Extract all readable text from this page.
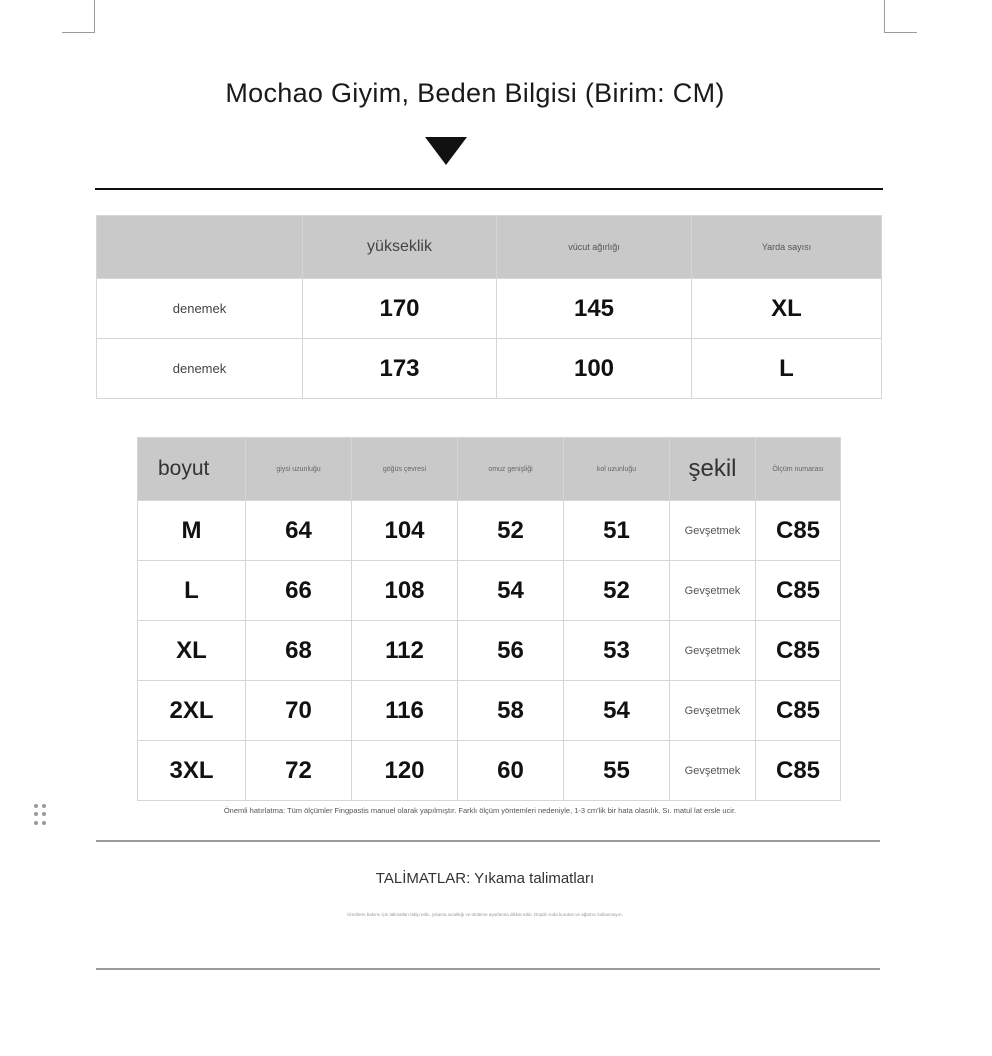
Mochao Giyim, Beden Bilgisi (Birim: CM)
	yükseklik	vücut ağırlığı	Yarda sayısı
denemek	170	145	XL
denemek	173	100	L
boyut	giysi uzunluğu	göğüs çevresi	omuz genişliği	kol uzunluğu	şekil	Ölçüm numarası
M	64	104	52	51	Gevşetmek	C85
L	66	108	54	52	Gevşetmek	C85
XL	68	112	56	53	Gevşetmek	C85
2XL	70	116	58	54	Gevşetmek	C85
3XL	72	120	60	55	Gevşetmek	C85
Önemli hatırlatma: Tüm ölçümler Fingpastis manuel olarak yapılmıştır. Farklı ölçüm yöntemleri nedeniyle, 1-3 cm'lik bir hata olasılık. Sı. matul lat ersle ucir.
TALİMATLAR: Yıkama talimatları
Ürünlerin bakımı için talimatları takip edin, yıkama sıcaklığı ve ütüleme ayarlarına dikkat edin. Düşük ısıda kurutun ve ağartıcı kullanmayın.
